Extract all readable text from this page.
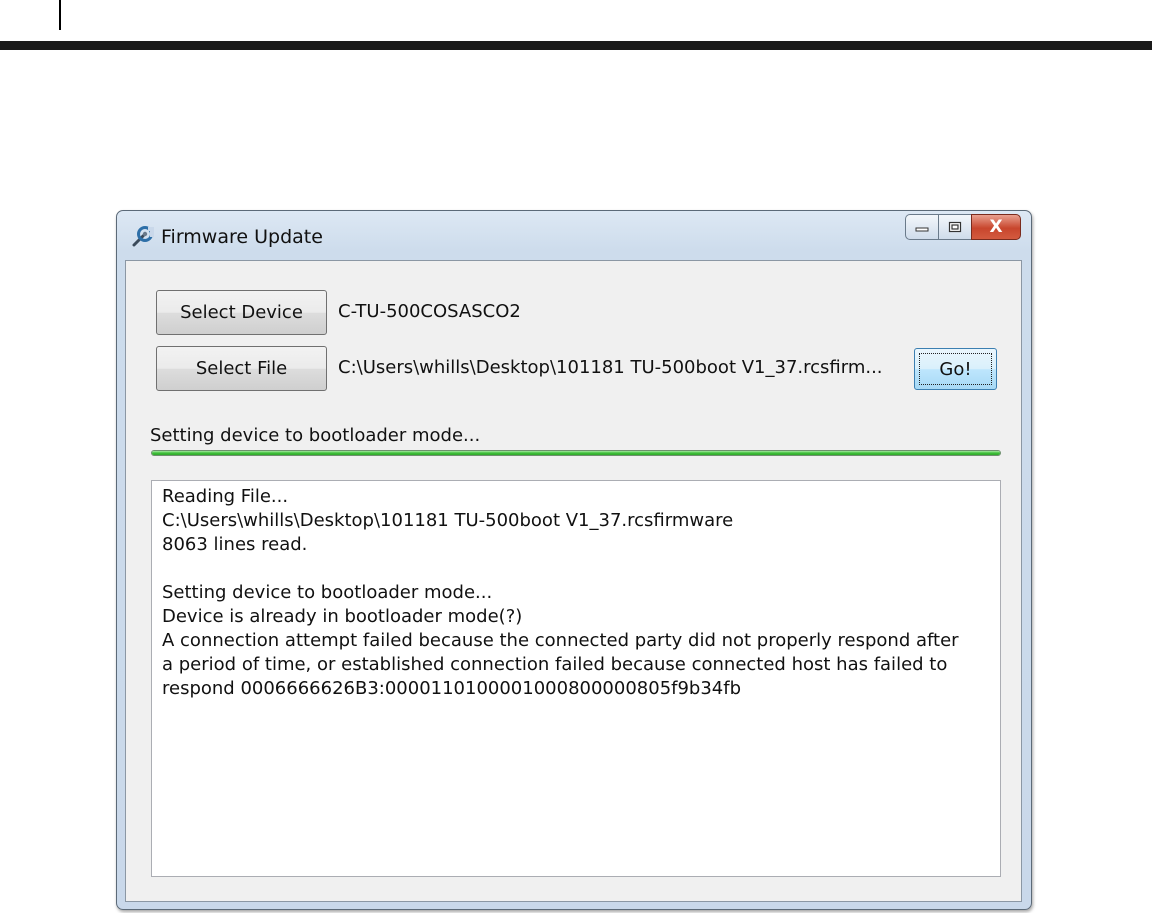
Firmware Update	X
Select Device	C-TU-500COSASCO2
Select File	C:\Users\whills\Desktop\101181 TU-500boot V1_37.rcsfirm...	Go!
Setting device to bootloader mode...
Reading File...
C:\Users\whills\Desktop\101181 TU-500boot V1_37.rcsfirmware
8063 lines read.
Setting device to bootloader mode...
Device is already in bootloader mode(?)
A connection attempt failed because the connected party did not properly respond after
a period of time, or established connection failed because connected host has failed to
respond 0006666626B3:0000110100001000800000805f9b34fb
